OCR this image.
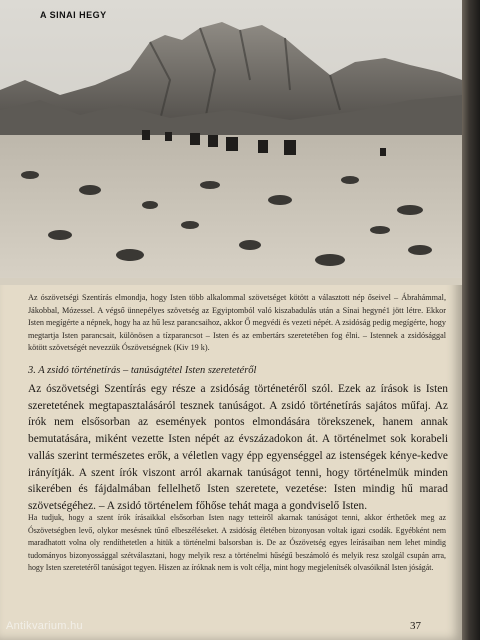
A SINAI HEGY
Az ószövetségi Szentírás elmondja, hogy Isten több alkalommal szövetséget kötött a választott nép őseivel – Ábrahámmal, Jákobbal, Mózessel. A végső ünnepélyes szövetség az Egyiptomból való kiszabadulás után a Sínai hegyné1 jött létre. Ekkor Isten megígérte a népnek, hogy ha az hű lesz parancsaihoz, akkor Ő megvédi és vezeti népét. A zsidóság pedig megígérte, hogy megtartja Isten parancsait, különösen a tízparancsot – Isten és az embertárs szeretetében fog élni. – Istennek a zsidósággal kötött szövetségét nevezzük Ószövetségnek (Kiv 19 k).
3. A zsidó történetírás – tanúságtétel Isten szeretetéről
Az ószövetségi Szentírás egy része a zsidóság történetéről szól. Ezek az írások is Isten szeretetének megtapasztalásáról tesznek tanúságot. A zsidó történetírás sajátos műfaj. Az írók nem elsősorban az események pontos elmondására törekszenek, hanem annak bemutatására, miként vezette Isten népét az évszázadokon át. A történelmet sok korabeli vallás szerint természetes erők, a véletlen vagy épp egyenséggel az istenségek kénye-kedve irányítják. A szent írók viszont arról akarnak tanúságot tenni, hogy történelmük minden sikerében és fájdalmában fellelhető Isten szeretete, vezetése: Isten mindig hű marad szövetségéhez. – A zsidó történelem főhőse tehát maga a gondviselő Isten.
Ha tudjuk, hogy a szent írók írásaikkal elsősorban Isten nagy tetteiről akarnak tanúságot tenni, akkor érthetőek meg az Ószövetségben levő, olykor mesésnek tűnő elbeszéléseket. A zsidóság életében bizonyosan voltak igazi csodák. Egyébként nem maradhatott volna oly rendíthetetlen a hitük a történelmi balsorsban is. De az Ószövetség egyes leírásaiban nem lehet mindig tudományos bizonyossággal szétválasztani, hogy melyik resz a történelmi hűségű beszámoló és melyik resz szolgál csupán arra, hogy Isten szeretetéről tanúságot tegyen. Hiszen az íróknak nem is volt célja, mint hogy megjelenítsék olvasóiknál Isten jóságát.
37
Antikvarium.hu
